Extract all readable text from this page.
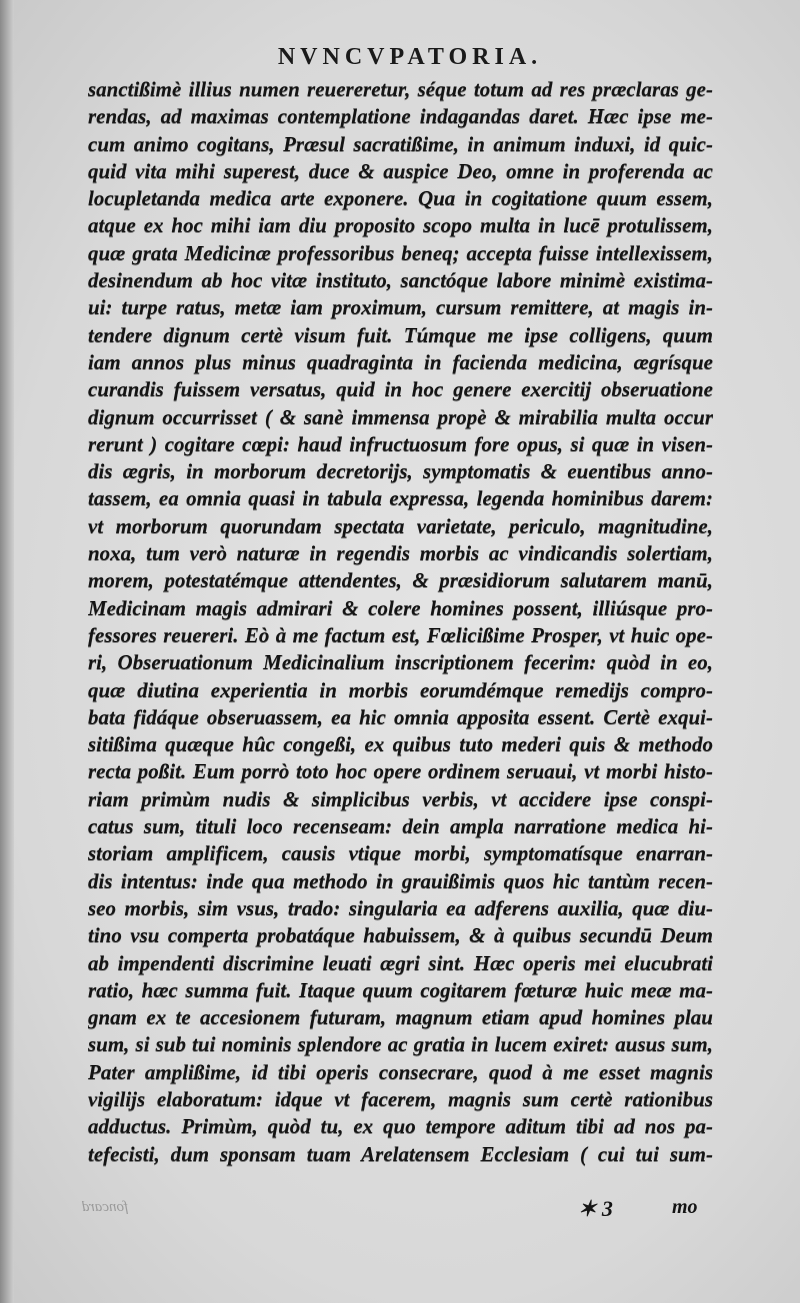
NVNCVPATORIA.
sanctißimè illius numen reuereretur, séque totum ad res præclaras ge-
rendas, ad maximas contemplatione indagandas daret. Hæc ipse me-
cum animo cogitans, Præsul sacratißime, in animum induxi, id quic-
quid vita mihi superest, duce & auspice Deo, omne in proferenda ac
locupletanda medica arte exponere. Qua in cogitatione quum essem,
atque ex hoc mihi iam diu proposito scopo multa in lucē protulissem,
quæ grata Medicinæ professoribus beneq; accepta fuisse intellexissem,
desinendum ab hoc vitæ instituto, sanctóque labore minimè existima-
ui: turpe ratus, metæ iam proximum, cursum remittere, at magis in-
tendere dignum certè visum fuit. Túmque me ipse colligens, quum
iam annos plus minus quadraginta in facienda medicina, ægrísque
curandis fuissem versatus, quid in hoc genere exercitij obseruatione
dignum occurrisset ( & sanè immensa propè & mirabilia multa occur
rerunt ) cogitare cœpi: haud infructuosum fore opus, si quæ in visen-
dis ægris, in morborum decretorijs, symptomatis & euentibus anno-
tassem, ea omnia quasi in tabula expressa, legenda hominibus darem:
vt morborum quorundam spectata varietate, periculo, magnitudine,
noxa, tum verò naturæ in regendis morbis ac vindicandis solertiam,
morem, potestatémque attendentes, & præsidiorum salutarem manū,
Medicinam magis admirari & colere homines possent, illiúsque pro-
fessores reuereri. Eò à me factum est, Fœlicißime Prosper, vt huic ope-
ri, Obseruationum Medicinalium inscriptionem fecerim: quòd in eo,
quæ diutina experientia in morbis eorumdémque remedijs compro-
bata fidáque obseruassem, ea hic omnia apposita essent. Certè exqui-
sitißima quæque hûc congeßi, ex quibus tuto mederi quis & methodo
recta poßit. Eum porrò toto hoc opere ordinem seruaui, vt morbi histo-
riam primùm nudis & simplicibus verbis, vt accidere ipse conspi-
catus sum, tituli loco recenseam: dein ampla narratione medica hi-
storiam amplificem, causis vtique morbi, symptomatísque enarran-
dis intentus: inde qua methodo in grauißimis quos hic tantùm recen-
seo morbis, sim vsus, trado: singularia ea adferens auxilia, quæ diu-
tino vsu comperta probatáque habuissem, & à quibus secundū Deum
ab impendenti discrimine leuati ægri sint. Hæc operis mei elucubrati
ratio, hæc summa fuit. Itaque quum cogitarem fœturæ huic meæ ma-
gnam ex te accesionem futuram, magnum etiam apud homines plau
sum, si sub tui nominis splendore ac gratia in lucem exiret: ausus sum,
Pater amplißime, id tibi operis consecrare, quod à me esset magnis
vigilijs elaboratum: idque vt facerem, magnis sum certè rationibus
adductus. Primùm, quòd tu, ex quo tempore aditum tibi ad nos pa-
tefecisti, dum sponsam tuam Arelatensem Ecclesiam ( cui tui sum-
foncard	✶ 3	mo
